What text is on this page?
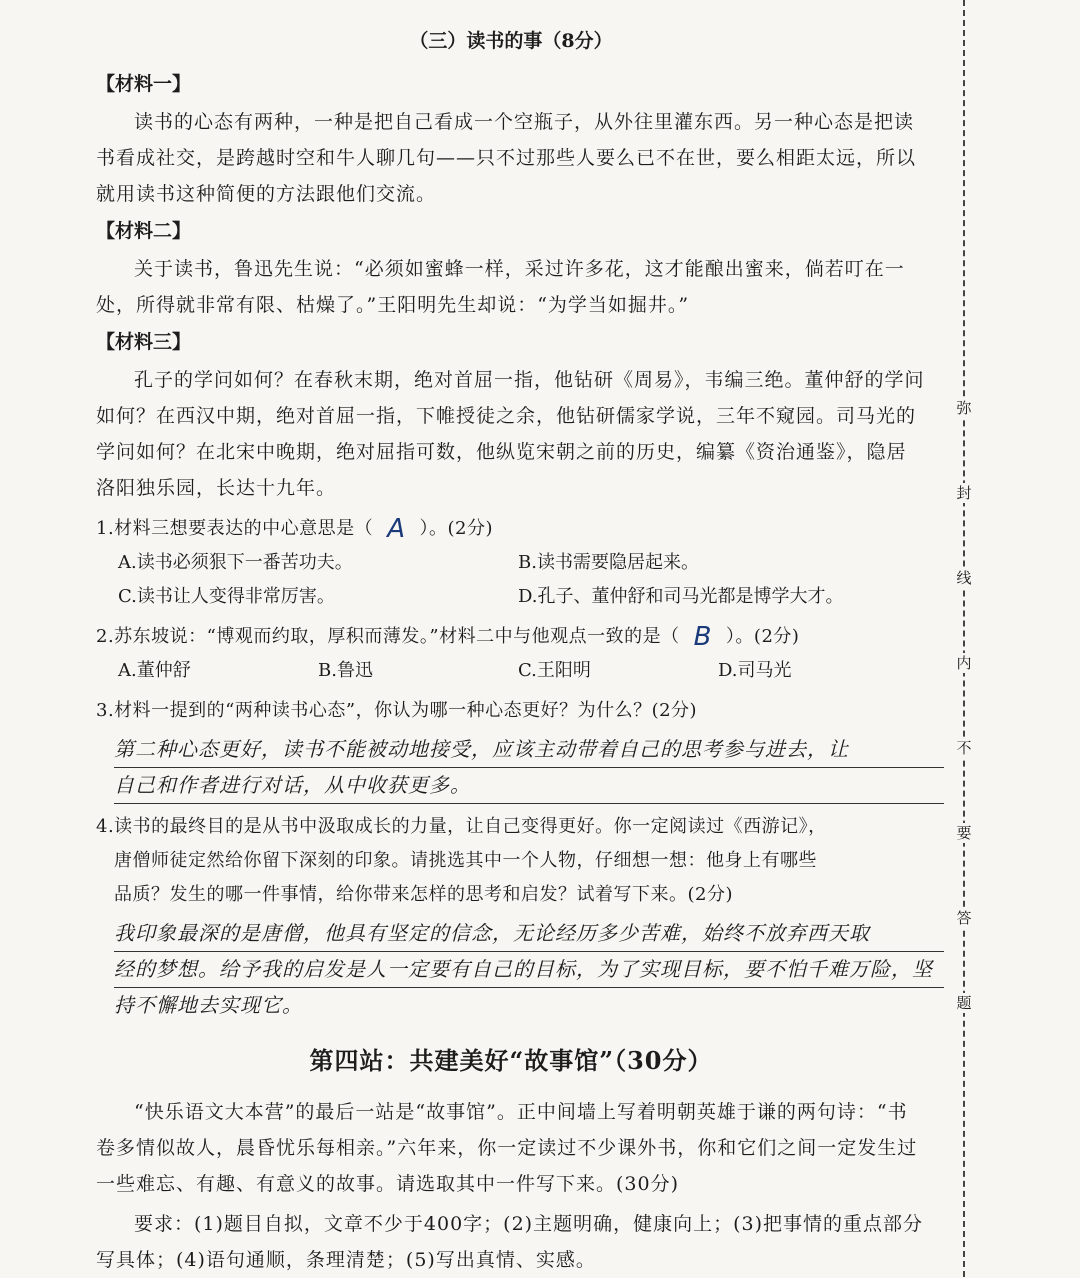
（三）读书的事（8分）
【材料一】
读书的心态有两种，一种是把自己看成一个空瓶子，从外往里灌东西。另一种心态是把读书看成社交，是跨越时空和牛人聊几句——只不过那些人要么已不在世，要么相距太远，所以就用读书这种简便的方法跟他们交流。
【材料二】
关于读书，鲁迅先生说：“必须如蜜蜂一样，采过许多花，这才能酿出蜜来，倘若叮在一处，所得就非常有限、枯燥了。”王阳明先生却说：“为学当如掘井。”
【材料三】
孔子的学问如何？在春秋末期，绝对首屈一指，他钻研《周易》，韦编三绝。董仲舒的学问如何？在西汉中期，绝对首屈一指，下帷授徒之余，他钻研儒家学说，三年不窥园。司马光的学问如何？在北宋中晚期，绝对屈指可数，他纵览宋朝之前的历史，编纂《资治通鉴》，隐居洛阳独乐园，长达十九年。
1.材料三想要表达的中心意思是（ A ）。(2分)
A.读书必须狠下一番苦功夫。	B.读书需要隐居起来。
C.读书让人变得非常厉害。	D.孔子、董仲舒和司马光都是博学大才。
2.苏东坡说：“博观而约取，厚积而薄发。”材料二中与他观点一致的是（ B ）。(2分)
A.董仲舒	B.鲁迅	C.王阳明	D.司马光
3.材料一提到的“两种读书心态”，你认为哪一种心态更好？为什么？(2分)
第二种心态更好，读书不能被动地接受，应该主动带着自己的思考参与进去，让
自己和作者进行对话，从中收获更多。
4.读书的最终目的是从书中汲取成长的力量，让自己变得更好。你一定阅读过《西游记》，
唐僧师徒定然给你留下深刻的印象。请挑选其中一个人物，仔细想一想：他身上有哪些
品质？发生的哪一件事情，给你带来怎样的思考和启发？试着写下来。(2分)
我印象最深的是唐僧，他具有坚定的信念，无论经历多少苦难，始终不放弃西天取
经的梦想。给予我的启发是人一定要有自己的目标，为了实现目标，要不怕千难万险，坚
持不懈地去实现它。
第四站：共建美好“故事馆”（30分）
“快乐语文大本营”的最后一站是“故事馆”。正中间墙上写着明朝英雄于谦的两句诗：“书卷多情似故人，晨昏忧乐每相亲。”六年来，你一定读过不少课外书，你和它们之间一定发生过一些难忘、有趣、有意义的故事。请选取其中一件写下来。(30分)
要求：(1)题目自拟，文章不少于400字；(2)主题明确，健康向上；(3)把事情的重点部分写具体；(4)语句通顺，条理清楚；(5)写出真情、实感。
弥
封
线
内
不
要
答
题
